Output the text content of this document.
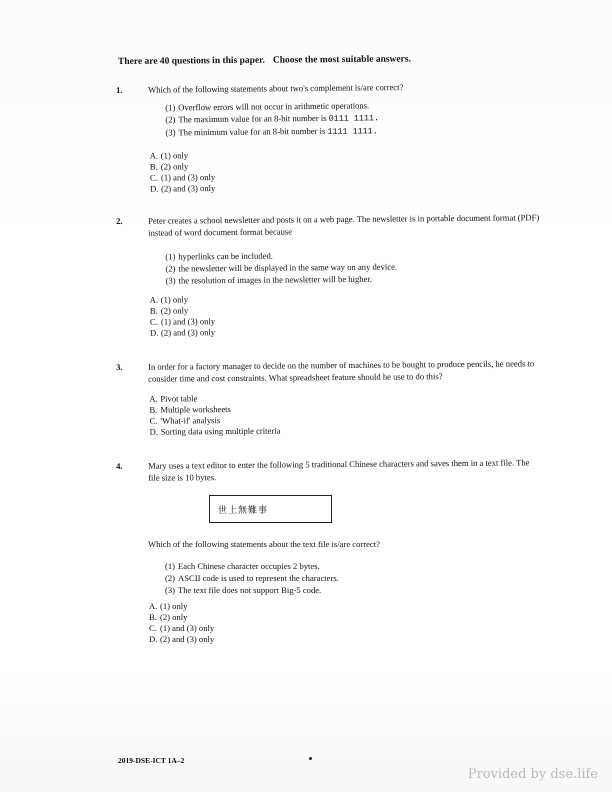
There are 40 questions in this paper. Choose the most suitable answers.
1.	Which of the following statements about two's complement is/are correct?
(1) Overflow errors will not occur in arithmetic operations.
(2) The maximum value for an 8-bit number is 0111 1111.
(3) The minimum value for an 8-bit number is 1111 1111.
A. (1) only
B. (2) only
C. (1) and (3) only
D. (2) and (3) only
2.	Peter creates a school newsletter and posts it on a web page. The newsletter is in portable document format (PDF) instead of word document format because
(1) hyperlinks can be included.
(2) the newsletter will be displayed in the same way on any device.
(3) the resolution of images in the newsletter will be higher.
A. (1) only
B. (2) only
C. (1) and (3) only
D. (2) and (3) only
3.	In order for a factory manager to decide on the number of machines to be bought to produce pencils, he needs to consider time and cost constraints. What spreadsheet feature should he use to do this?
A. Pivot table
B. Multiple worksheets
C. 'What-if' analysis
D. Sorting data using multiple criteria
4.	Mary uses a text editor to enter the following 5 traditional Chinese characters and saves them in a text file. The file size is 10 bytes.
世上無難事
Which of the following statements about the text file is/are correct?
(1) Each Chinese character occupies 2 bytes.
(2) ASCII code is used to represent the characters.
(3) The text file does not support Big-5 code.
A. (1) only
B. (2) only
C. (1) and (3) only
D. (2) and (3) only
2019-DSE-ICT 1A–2
Provided by dse.life
